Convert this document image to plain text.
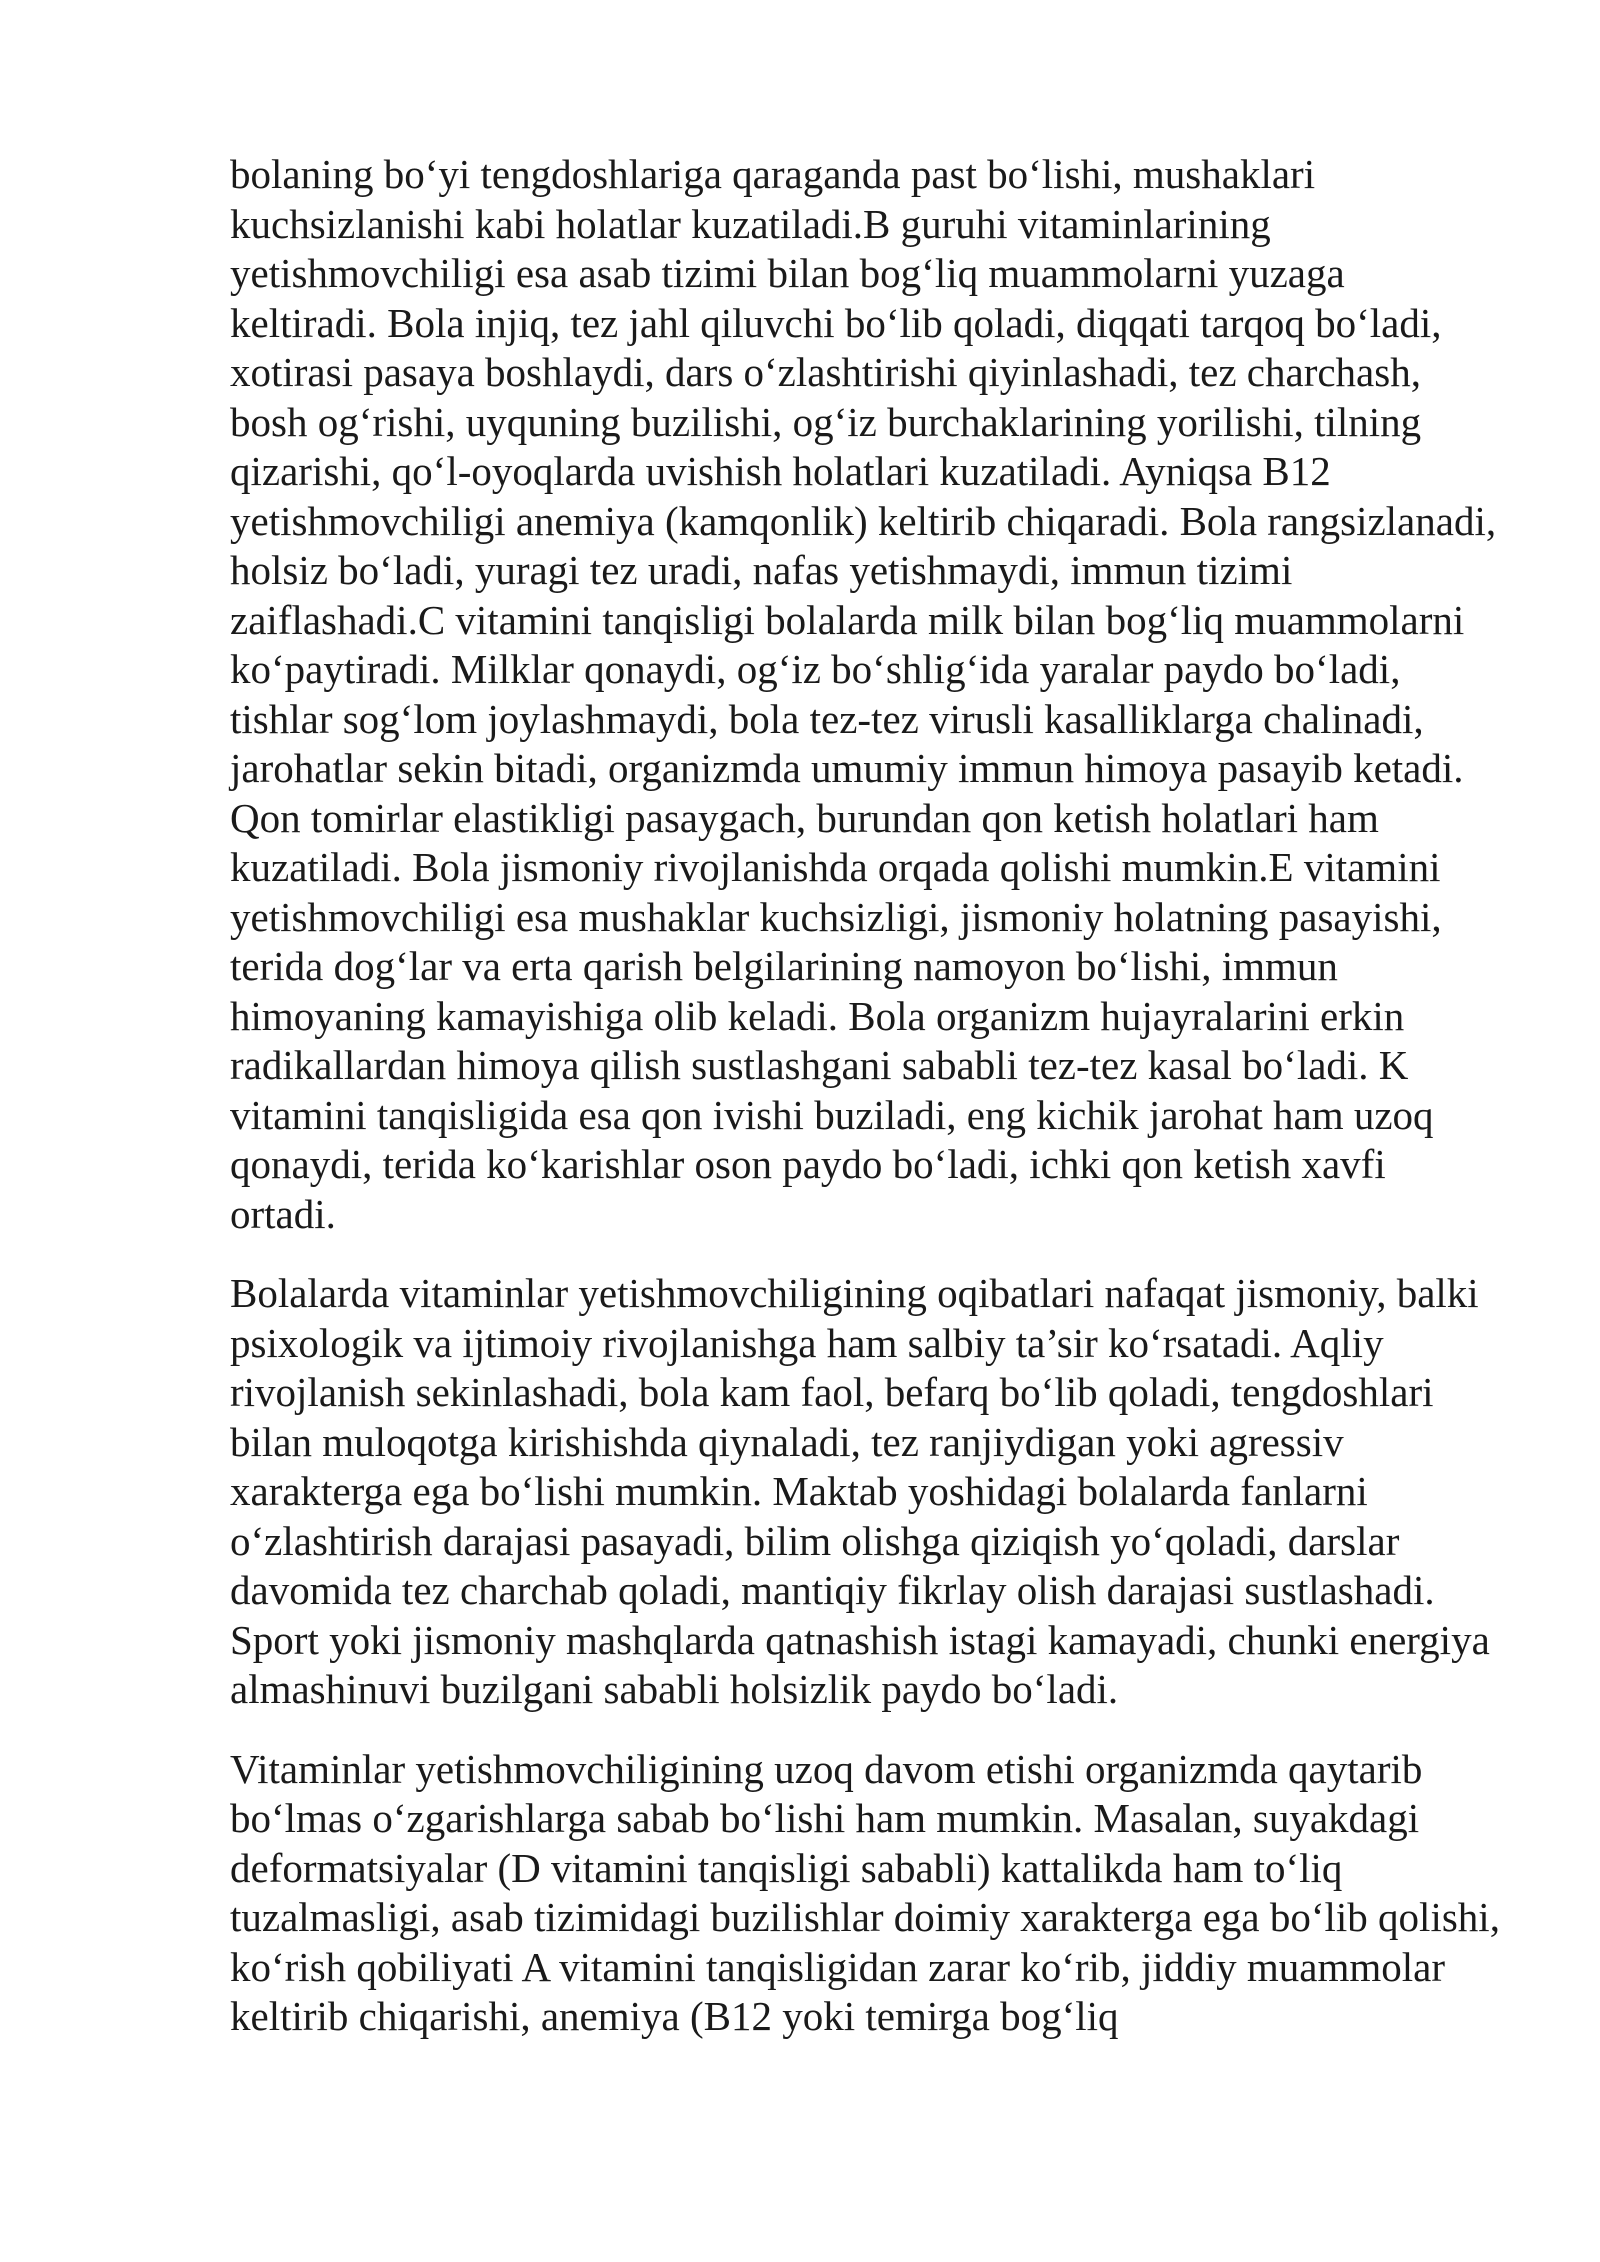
bolaning bo‘yi tengdoshlariga qaraganda past bo‘lishi, mushaklari kuchsizlanishi kabi holatlar kuzatiladi.B guruhi vitaminlarining yetishmovchiligi esa asab tizimi bilan bog‘liq muammolarni yuzaga keltiradi. Bola injiq, tez jahl qiluvchi bo‘lib qoladi, diqqati tarqoq bo‘ladi, xotirasi pasaya boshlaydi, dars o‘zlashtirishi qiyinlashadi, tez charchash, bosh og‘rishi, uyquning buzilishi, og‘iz burchaklarining yorilishi, tilning qizarishi, qo‘l-oyoqlarda uvishish holatlari kuzatiladi. Ayniqsa B12 yetishmovchiligi anemiya (kamqonlik) keltirib chiqaradi. Bola rangsizlanadi, holsiz bo‘ladi, yuragi tez uradi, nafas yetishmaydi, immun tizimi zaiflashadi.C vitamini tanqisligi bolalarda milk bilan bog‘liq muammolarni ko‘paytiradi. Milklar qonaydi, og‘iz bo‘shlig‘ida yaralar paydo bo‘ladi, tishlar sog‘lom joylashmaydi, bola tez-tez virusli kasalliklarga chalinadi, jarohatlar sekin bitadi, organizmda umumiy immun himoya pasayib ketadi. Qon tomirlar elastikligi pasaygach, burundan qon ketish holatlari ham kuzatiladi. Bola jismoniy rivojlanishda orqada qolishi mumkin.E vitamini yetishmovchiligi esa mushaklar kuchsizligi, jismoniy holatning pasayishi, terida dog‘lar va erta qarish belgilarining namoyon bo‘lishi, immun himoyaning kamayishiga olib keladi. Bola organizm hujayralarini erkin radikallardan himoya qilish sustlashgani sababli tez-tez kasal bo‘ladi. K vitamini tanqisligida esa qon ivishi buziladi, eng kichik jarohat ham uzoq qonaydi, terida ko‘karishlar oson paydo bo‘ladi, ichki qon ketish xavfi ortadi.

Bolalarda vitaminlar yetishmovchiligining oqibatlari nafaqat jismoniy, balki psixologik va ijtimoiy rivojlanishga ham salbiy ta’sir ko‘rsatadi. Aqliy rivojlanish sekinlashadi, bola kam faol, befarq bo‘lib qoladi, tengdoshlari bilan muloqotga kirishishda qiynaladi, tez ranjiydigan yoki agressiv xarakterga ega bo‘lishi mumkin. Maktab yoshidagi bolalarda fanlarni o‘zlashtirish darajasi pasayadi, bilim olishga qiziqish yo‘qoladi, darslar davomida tez charchab qoladi, mantiqiy fikrlay olish darajasi sustlashadi. Sport yoki jismoniy mashqlarda qatnashish istagi kamayadi, chunki energiya almashinuvi buzilgani sababli holsizlik paydo bo‘ladi.

Vitaminlar yetishmovchiligining uzoq davom etishi organizmda qaytarib bo‘lmas o‘zgarishlarga sabab bo‘lishi ham mumkin. Masalan, suyakdagi deformatsiyalar (D vitamini tanqisligi sababli) kattalikda ham to‘liq tuzalmasligi, asab tizimidagi buzilishlar doimiy xarakterga ega bo‘lib qolishi, ko‘rish qobiliyati A vitamini tanqisligidan zarar ko‘rib, jiddiy muammolar keltirib chiqarishi, anemiya (B12 yoki temirga bog‘liq
